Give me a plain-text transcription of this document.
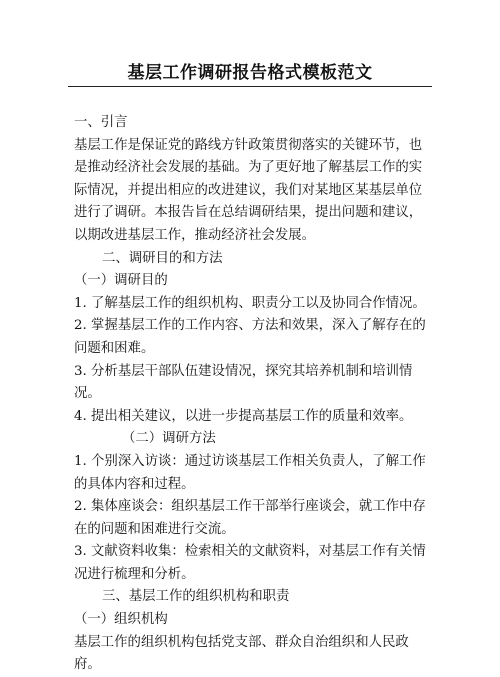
基层工作调研报告格式模板范文

一、引言

基层工作是保证党的路线方针政策贯彻落实的关键环节，也是推动经济社会发展的基础。为了更好地了解基层工作的实际情况，并提出相应的改进建议，我们对某地区某基层单位进行了调研。本报告旨在总结调研结果，提出问题和建议，以期改进基层工作，推动经济社会发展。

二、调研目的和方法

（一）调研目的

1. 了解基层工作的组织机构、职责分工以及协同合作情况。

2. 掌握基层工作的工作内容、方法和效果，深入了解存在的问题和困难。

3. 分析基层干部队伍建设情况，探究其培养机制和培训情况。

4. 提出相关建议，以进一步提高基层工作的质量和效率。

（二）调研方法

1. 个别深入访谈：通过访谈基层工作相关负责人，了解工作的具体内容和过程。

2. 集体座谈会：组织基层工作干部举行座谈会，就工作中存在的问题和困难进行交流。

3. 文献资料收集：检索相关的文献资料，对基层工作有关情况进行梳理和分析。

三、基层工作的组织机构和职责

（一）组织机构

基层工作的组织机构包括党支部、群众自治组织和人民政府。
